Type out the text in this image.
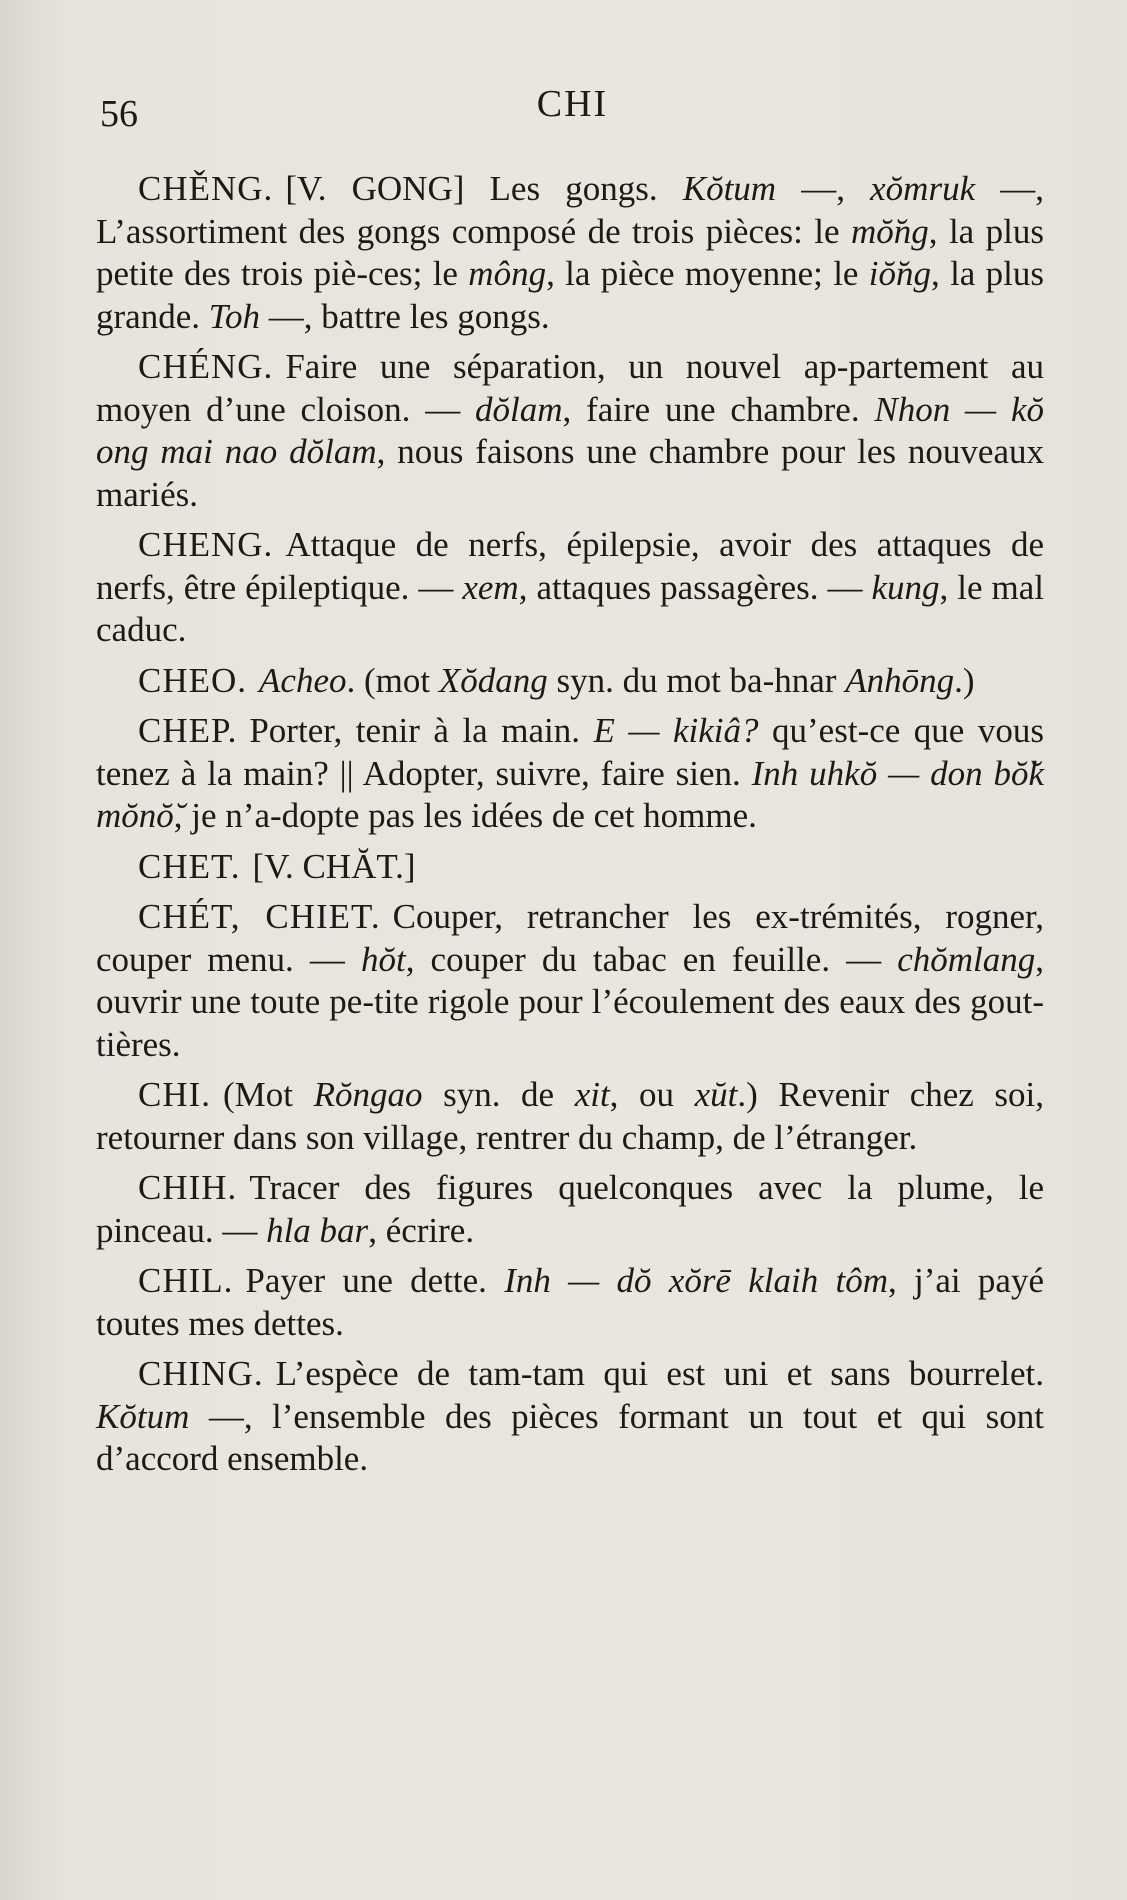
56	CHI

CHĚNG. [V. GONG] Les gongs. Kŏtum —, xŏmruk —, L’assortiment des gongs composé de trois pièces: le mŏ̆ng, la plus petite des trois piè-ces; le mông, la pièce moyenne; le iŏ̆ng, la plus grande. Toh —, battre les gongs.

CHÉNG. Faire une séparation, un nouvel ap-partement au moyen d’une cloison. — dŏlam, faire une chambre. Nhon — kŏ ong mai nao dŏlam, nous faisons une chambre pour les nouveaux mariés.

CHENG. Attaque de nerfs, épilepsie, avoir des attaques de nerfs, être épileptique. — xem, attaques passagères. — kung, le mal caduc.

CHEO. Acheo. (mot Xŏdang syn. du mot ba-hnar Anhōng.)

CHEP. Porter, tenir à la main. E — kikiâ? qu’est-ce que vous tenez à la main? || Adopter, suivre, faire sien. Inh uhkŏ — don bŏ̆k mŏnŏ̆, je n’a-dopte pas les idées de cet homme.

CHET. [V. CHĂT.]

CHÉT, CHIET. Couper, retrancher les ex-trémités, rogner, couper menu. — hŏt, couper du tabac en feuille. — chŏmlang, ouvrir une toute pe-tite rigole pour l’écoulement des eaux des gout-tières.

CHI. (Mot Rŏngao syn. de xit, ou xŭt.) Revenir chez soi, retourner dans son village, rentrer du champ, de l’étranger.

CHIH. Tracer des figures quelconques avec la plume, le pinceau. — hla bar, écrire.

CHIL. Payer une dette. Inh — dŏ xŏrē klaih tôm, j’ai payé toutes mes dettes.

CHING. L’espèce de tam-tam qui est uni et sans bourrelet. Kŏtum —, l’ensemble des pièces formant un tout et qui sont d’accord ensemble.
